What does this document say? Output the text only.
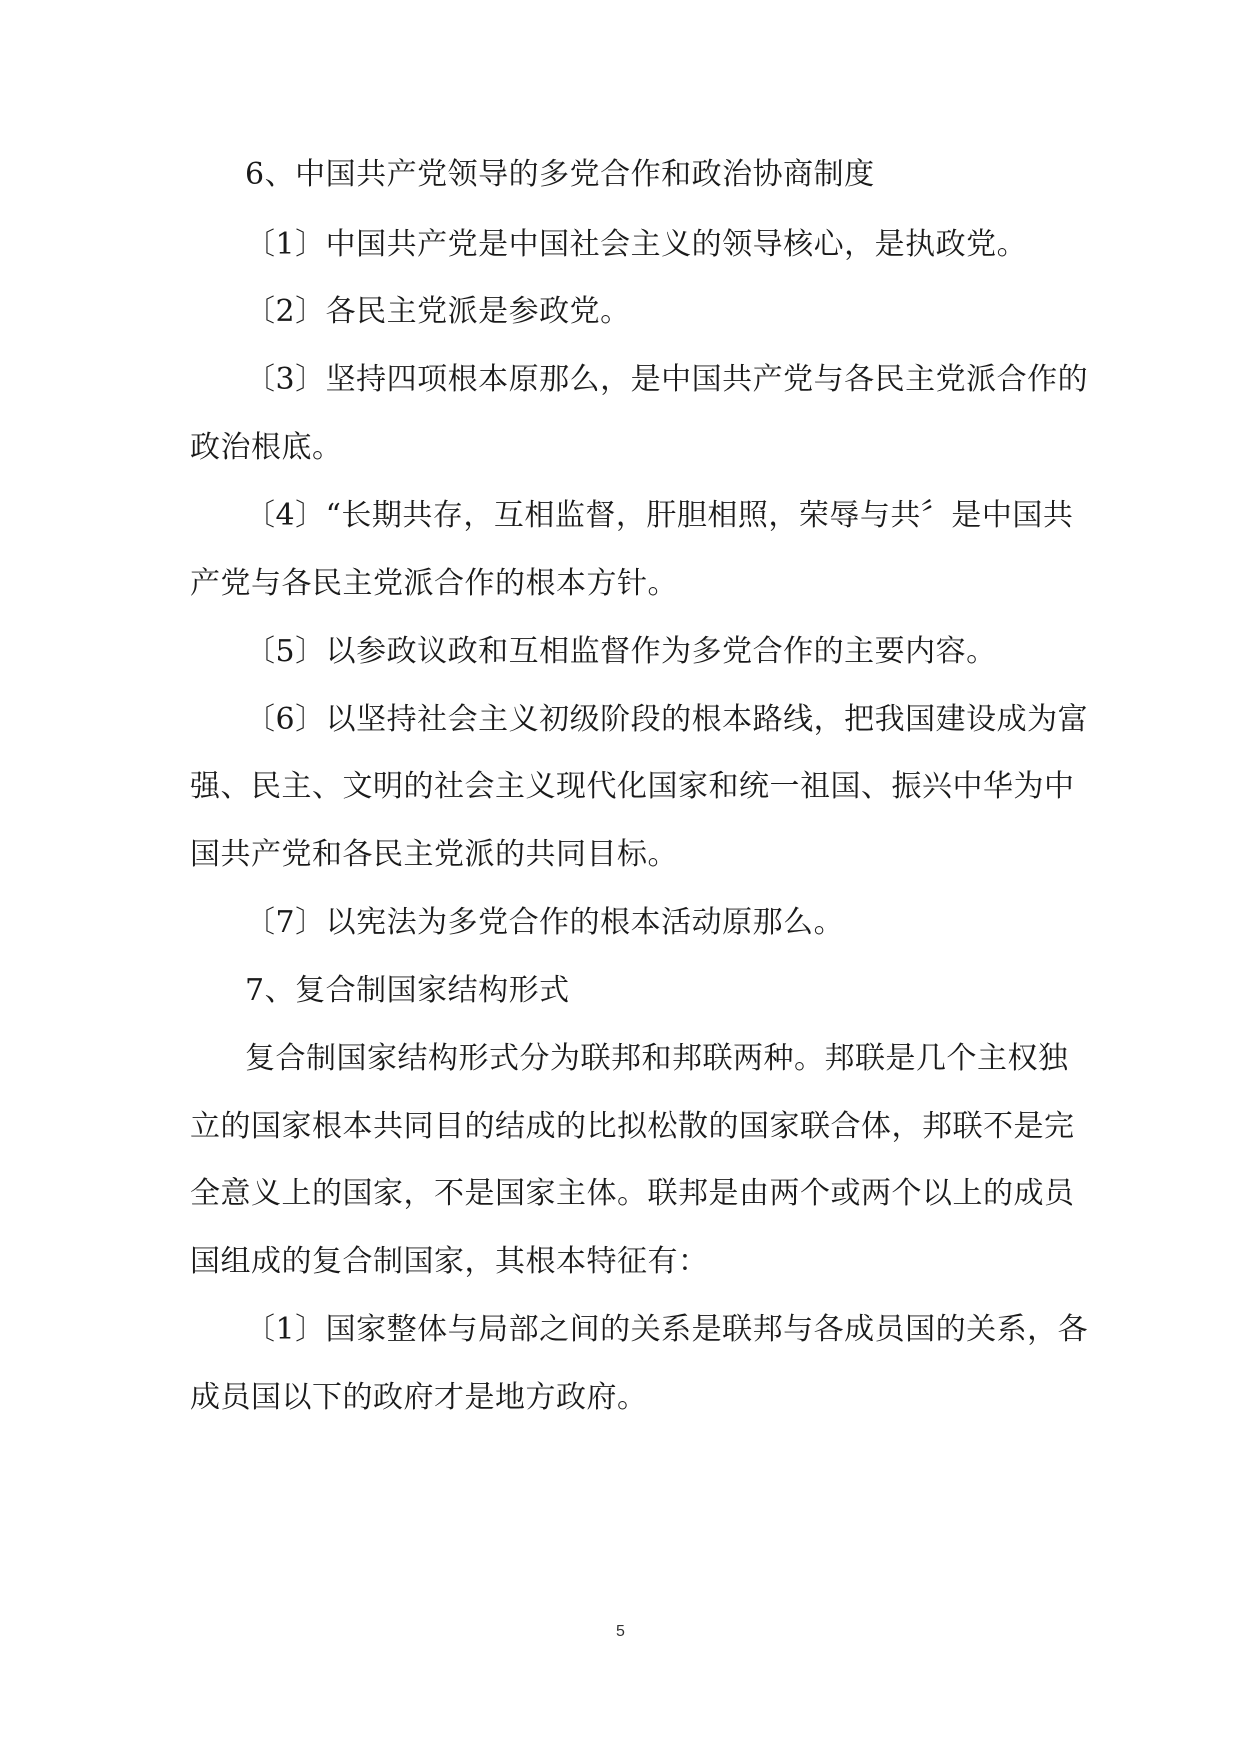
6、中国共产党领导的多党合作和政治协商制度
〔1〕中国共产党是中国社会主义的领导核心，是执政党。
〔2〕各民主党派是参政党。
〔3〕坚持四项根本原那么，是中国共产党与各民主党派合作的
政治根底。
〔4〕“长期共存，互相监督，肝胆相照，荣辱与共〞是中国共
产党与各民主党派合作的根本方针。
〔5〕以参政议政和互相监督作为多党合作的主要内容。
〔6〕以坚持社会主义初级阶段的根本路线，把我国建设成为富
强、民主、文明的社会主义现代化国家和统一祖国、振兴中华为中
国共产党和各民主党派的共同目标。
〔7〕以宪法为多党合作的根本活动原那么。
7、复合制国家结构形式
复合制国家结构形式分为联邦和邦联两种。邦联是几个主权独
立的国家根本共同目的结成的比拟松散的国家联合体，邦联不是完
全意义上的国家，不是国家主体。联邦是由两个或两个以上的成员
国组成的复合制国家，其根本特征有：
〔1〕国家整体与局部之间的关系是联邦与各成员国的关系，各
成员国以下的政府才是地方政府。
5
